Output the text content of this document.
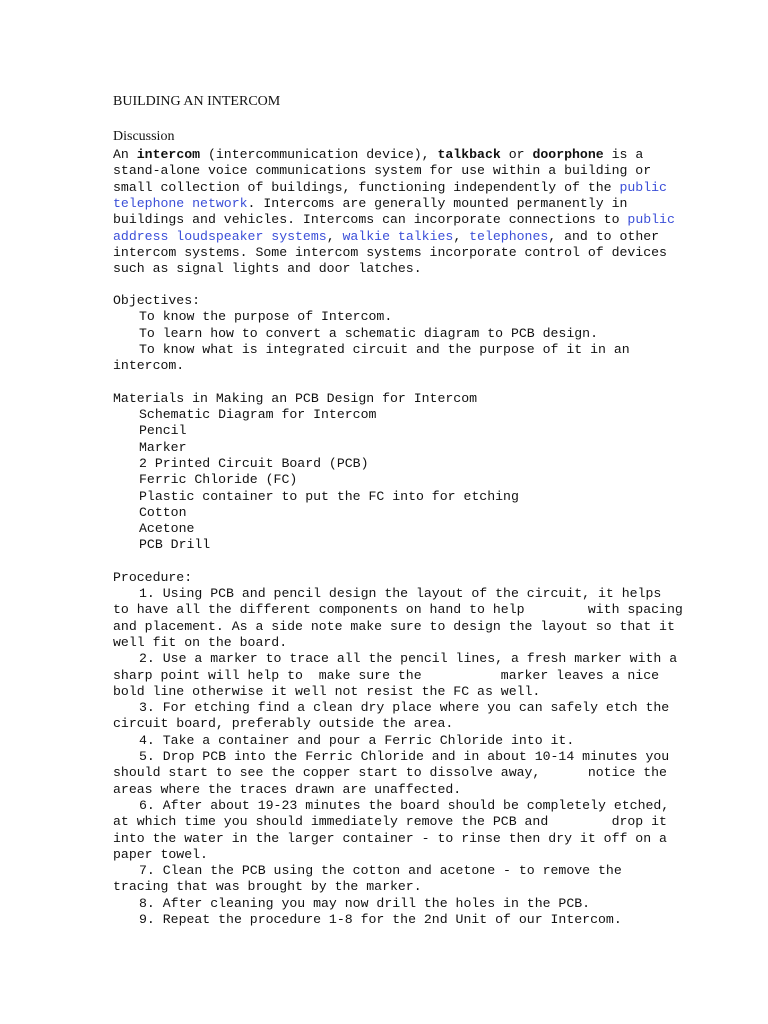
BUILDING AN INTERCOM
Discussion
An intercom (intercommunication device), talkback or doorphone is a
stand-alone voice communications system for use within a building or
small collection of buildings, functioning independently of the public
telephone network. Intercoms are generally mounted permanently in
buildings and vehicles. Intercoms can incorporate connections to public
address loudspeaker systems, walkie talkies, telephones, and to other
intercom systems. Some intercom systems incorporate control of devices
such as signal lights and door latches.
Objectives:
To know the purpose of Intercom.
To learn how to convert a schematic diagram to PCB design.
To know what is integrated circuit and the purpose of it in an
intercom.
Materials in Making an PCB Design for Intercom
Schematic Diagram for Intercom
Pencil
Marker
2 Printed Circuit Board (PCB)
Ferric Chloride (FC)
Plastic container to put the FC into for etching
Cotton
Acetone
PCB Drill
Procedure:
1. Using PCB and pencil design the layout of the circuit, it helps
to have all the different components on hand to help        with spacing
and placement. As a side note make sure to design the layout so that it
well fit on the board.
2. Use a marker to trace all the pencil lines, a fresh marker with a
sharp point will help to  make sure the          marker leaves a nice
bold line otherwise it well not resist the FC as well.
3. For etching find a clean dry place where you can safely etch the
circuit board, preferably outside the area.
4. Take a container and pour a Ferric Chloride into it.
5. Drop PCB into the Ferric Chloride and in about 10-14 minutes you
should start to see the copper start to dissolve away,      notice the
areas where the traces drawn are unaffected.
6. After about 19-23 minutes the board should be completely etched,
at which time you should immediately remove the PCB and        drop it
into the water in the larger container - to rinse then dry it off on a
paper towel.
7. Clean the PCB using the cotton and acetone - to remove the
tracing that was brought by the marker.
8. After cleaning you may now drill the holes in the PCB.
9. Repeat the procedure 1-8 for the 2nd Unit of our Intercom.
